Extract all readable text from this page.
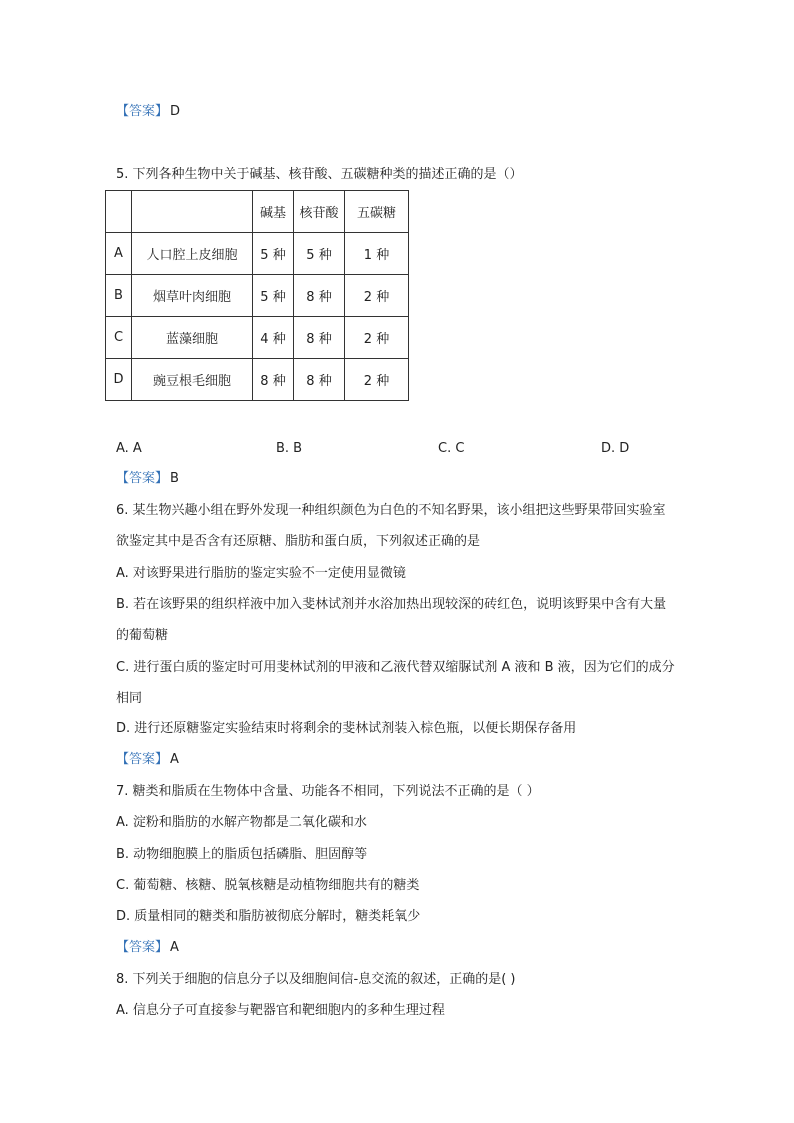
【答案】 D
5. 下列各种生物中关于碱基、核苷酸、五碳糖种类的描述正确的是（）
		碱基	核苷酸	五碳糖
A	人口腔上皮细胞	5 种	5 种	1 种
B	烟草叶肉细胞	5 种	8 种	2 种
C	蓝藻细胞	4 种	8 种	2 种
D	豌豆根毛细胞	8 种	8 种	2 种
A. A	B. B	C. C	D. D
【答案】 B
6. 某生物兴趣小组在野外发现一种组织颜色为白色的不知名野果，该小组把这些野果带回实验室
欲鉴定其中是否含有还原糖、脂肪和蛋白质，下列叙述正确的是
A. 对该野果进行脂肪的鉴定实验不一定使用显微镜
B. 若在该野果的组织样液中加入斐林试剂并水浴加热出现较深的砖红色，说明该野果中含有大量
的葡萄糖
C. 进行蛋白质的鉴定时可用斐林试剂的甲液和乙液代替双缩脲试剂 A 液和 B 液，因为它们的成分
相同
D. 进行还原糖鉴定实验结束时将剩余的斐林试剂装入棕色瓶，以便长期保存备用
【答案】 A
7. 糖类和脂质在生物体中含量、功能各不相同，下列说法不正确的是（ ）
A. 淀粉和脂肪的水解产物都是二氧化碳和水
B. 动物细胞膜上的脂质包括磷脂、胆固醇等
C. 葡萄糖、核糖、脱氧核糖是动植物细胞共有的糖类
D. 质量相同的糖类和脂肪被彻底分解时，糖类耗氧少
【答案】 A
8. 下列关于细胞的信息分子以及细胞间信-息交流的叙述，正确的是( )
A. 信息分子可直接参与靶器官和靶细胞内的多种生理过程
